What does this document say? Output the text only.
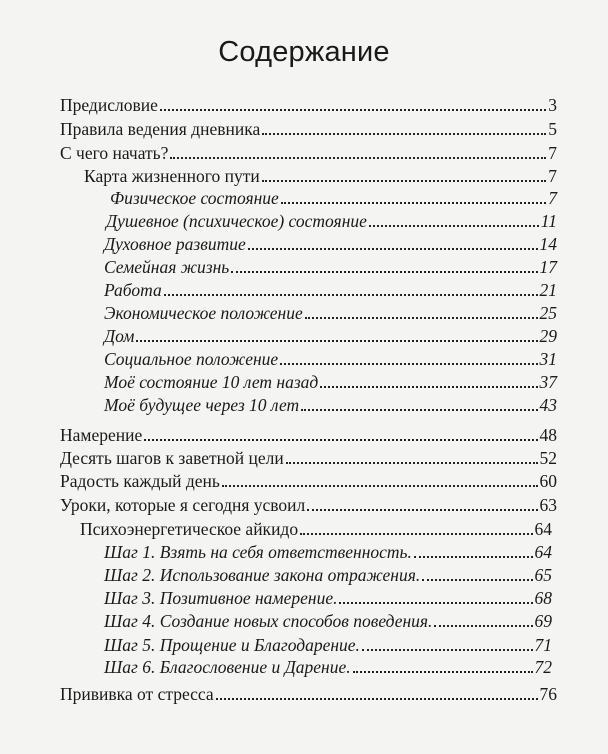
Содержание
Предисловие	3
Правила ведения дневника	5
С чего начать?	7
Карта жизненного пути	7
Физическое состояние	7
Душевное (психическое) состояние	11
Духовное развитие	14
Семейная жизнь	17
Работа	21
Экономическое положение	25
Дом	29
Социальное положение	31
Моё состояние 10 лет назад	37
Моё будущее через 10 лет	43
Намерение	48
Десять шагов к заветной цели	52
Радость каждый день	60
Уроки, которые я сегодня усвоил	63
Психоэнергетическое айкидо	64
Шаг 1. Взять на себя ответственность.	64
Шаг 2. Использование закона отражения.	65
Шаг 3. Позитивное намерение.	68
Шаг 4. Создание новых способов поведения.	69
Шаг 5. Прощение и Благодарение.	71
Шаг 6. Благословение и Дарение.	72
Прививка от стресса	76
